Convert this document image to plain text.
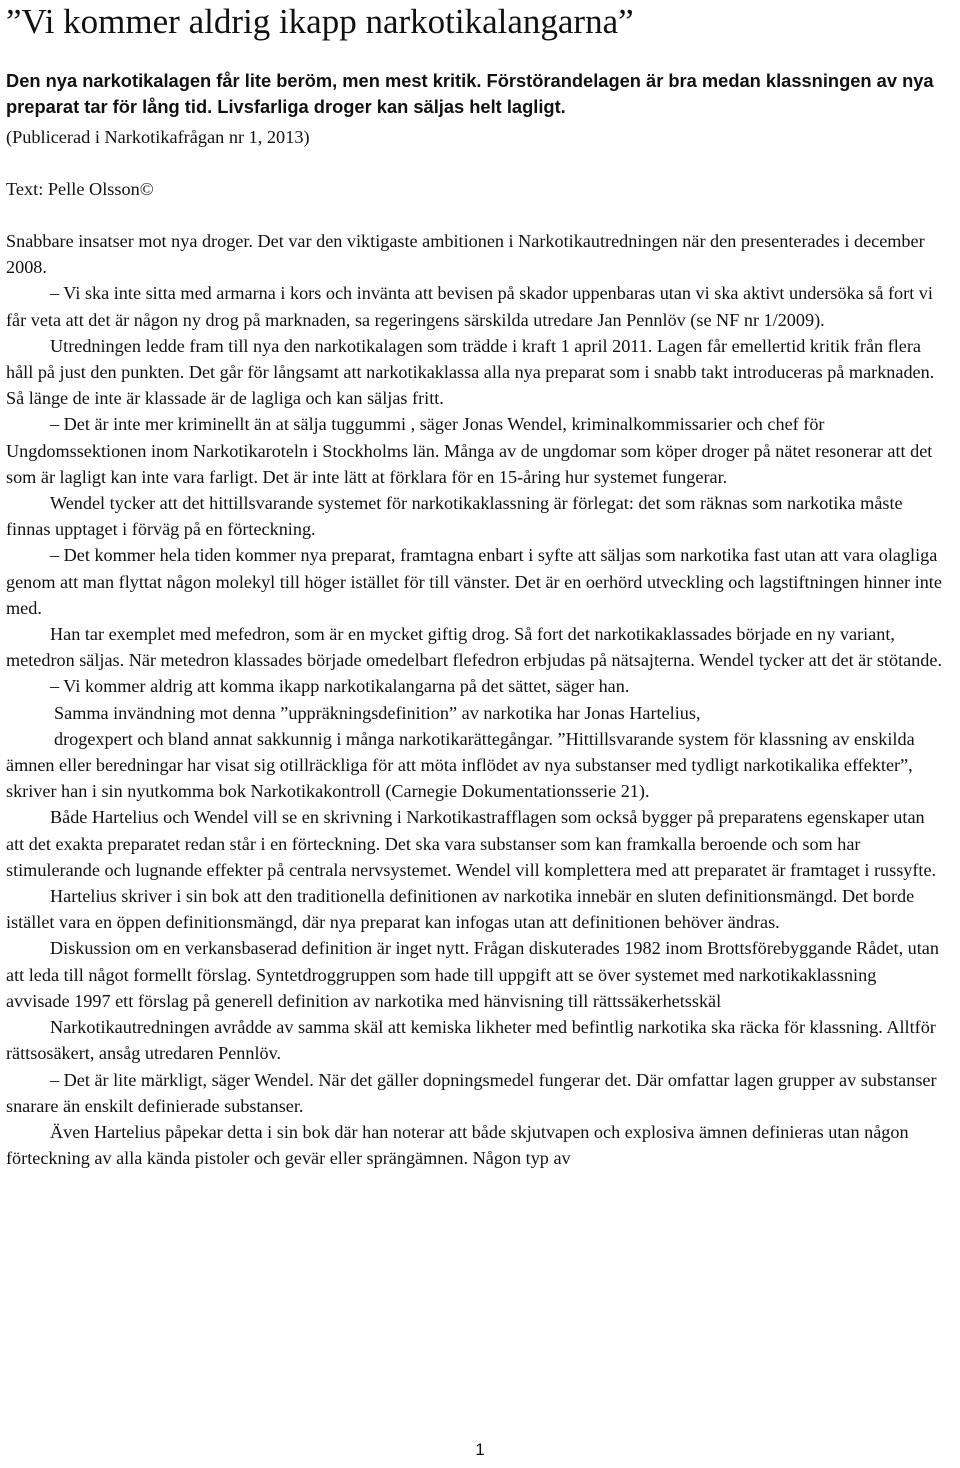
”Vi kommer aldrig ikapp narkotikalangarna”

Den nya narkotikalagen får lite beröm, men mest kritik. Förstörandelagen är bra medan klassningen av nya preparat tar för lång tid. Livsfarliga droger kan säljas helt lagligt.

(Publicerad i Narkotikafrågan nr 1, 2013)

Text: Pelle Olsson©

Snabbare insatser mot nya droger. Det var den viktigaste ambitionen i Narkotikautredningen när den presenterades i december 2008.

– Vi ska inte sitta med armarna i kors och invänta att bevisen på skador uppenbaras utan vi ska aktivt undersöka så fort vi får veta att det är någon ny drog på marknaden, sa regeringens särskilda utredare Jan Pennlöv (se NF nr 1/2009).

Utredningen ledde fram till nya den narkotikalagen som trädde i kraft 1 april 2011. Lagen får emellertid kritik från flera håll på just den punkten. Det går för långsamt att narkotikaklassa alla nya preparat som i snabb takt introduceras på marknaden. Så länge de inte är klassade är de lagliga och kan säljas fritt.

– Det är inte mer kriminellt än at sälja tuggummi , säger Jonas Wendel, kriminalkommissarier och chef för Ungdomssektionen inom Narkotikaroteln i Stockholms län. Många av de ungdomar som köper droger på nätet resonerar att det som är lagligt kan inte vara farligt. Det är inte lätt at förklara för en 15-åring hur systemet fungerar.

Wendel tycker att det hittillsvarande systemet för narkotikaklassning är förlegat: det som räknas som narkotika måste finnas upptaget i förväg på en förteckning.

– Det kommer hela tiden kommer nya preparat, framtagna enbart i syfte att säljas som narkotika fast utan att vara olagliga genom att man flyttat någon molekyl till höger istället för till vänster. Det är en oerhörd utveckling och lagstiftningen hinner inte med.

Han tar exemplet med mefedron, som är en mycket giftig drog. Så fort det narkotikaklassades började en ny variant, metedron säljas. När metedron klassades började omedelbart flefedron erbjudas på nätsajterna. Wendel tycker att det är stötande.

– Vi kommer aldrig att komma ikapp narkotikalangarna på det sättet, säger han.

Samma invändning mot denna ”uppräkningsdefinition” av narkotika har Jonas Hartelius,

drogexpert och bland annat sakkunnig i många narkotikarättegångar.

”Hittillsvarande system för klassning av enskilda ämnen eller beredningar har visat sig otillräckliga för att möta inflödet av nya substanser med tydligt narkotikalika effekter”, skriver han i sin nyutkomma bok Narkotikakontroll (Carnegie Dokumentationsserie 21).

Både Hartelius och Wendel vill se en skrivning i Narkotikastrafflagen som också bygger på preparatens egenskaper utan att det exakta preparatet redan står i en förteckning. Det ska vara substanser som kan framkalla beroende och som har stimulerande och lugnande effekter på centrala nervsystemet. Wendel vill komplettera med att preparatet är framtaget i russyfte.

Hartelius skriver i sin bok att den traditionella definitionen av narkotika innebär en sluten definitionsmängd. Det borde istället vara en öppen definitionsmängd, där nya preparat kan infogas utan att definitionen behöver ändras.

Diskussion om en verkansbaserad definition är inget nytt. Frågan diskuterades 1982 inom Brottsförebyggande Rådet, utan att leda till något formellt förslag. Syntetdroggruppen som hade till uppgift att se över systemet med narkotikaklassning avvisade 1997 ett förslag på generell definition av narkotika med hänvisning till rättssäkerhetsskäl

Narkotikautredningen avrådde av samma skäl att kemiska likheter med befintlig narkotika ska räcka för klassning. Alltför rättsosäkert, ansåg utredaren Pennlöv.

– Det är lite märkligt, säger Wendel. När det gäller dopningsmedel fungerar det. Där omfattar lagen grupper av substanser snarare än enskilt definierade substanser.

Även Hartelius påpekar detta i sin bok där han noterar att både skjutvapen och explosiva ämnen definieras utan någon förteckning av alla kända pistoler och gevär eller sprängämnen. Någon typ av

1
